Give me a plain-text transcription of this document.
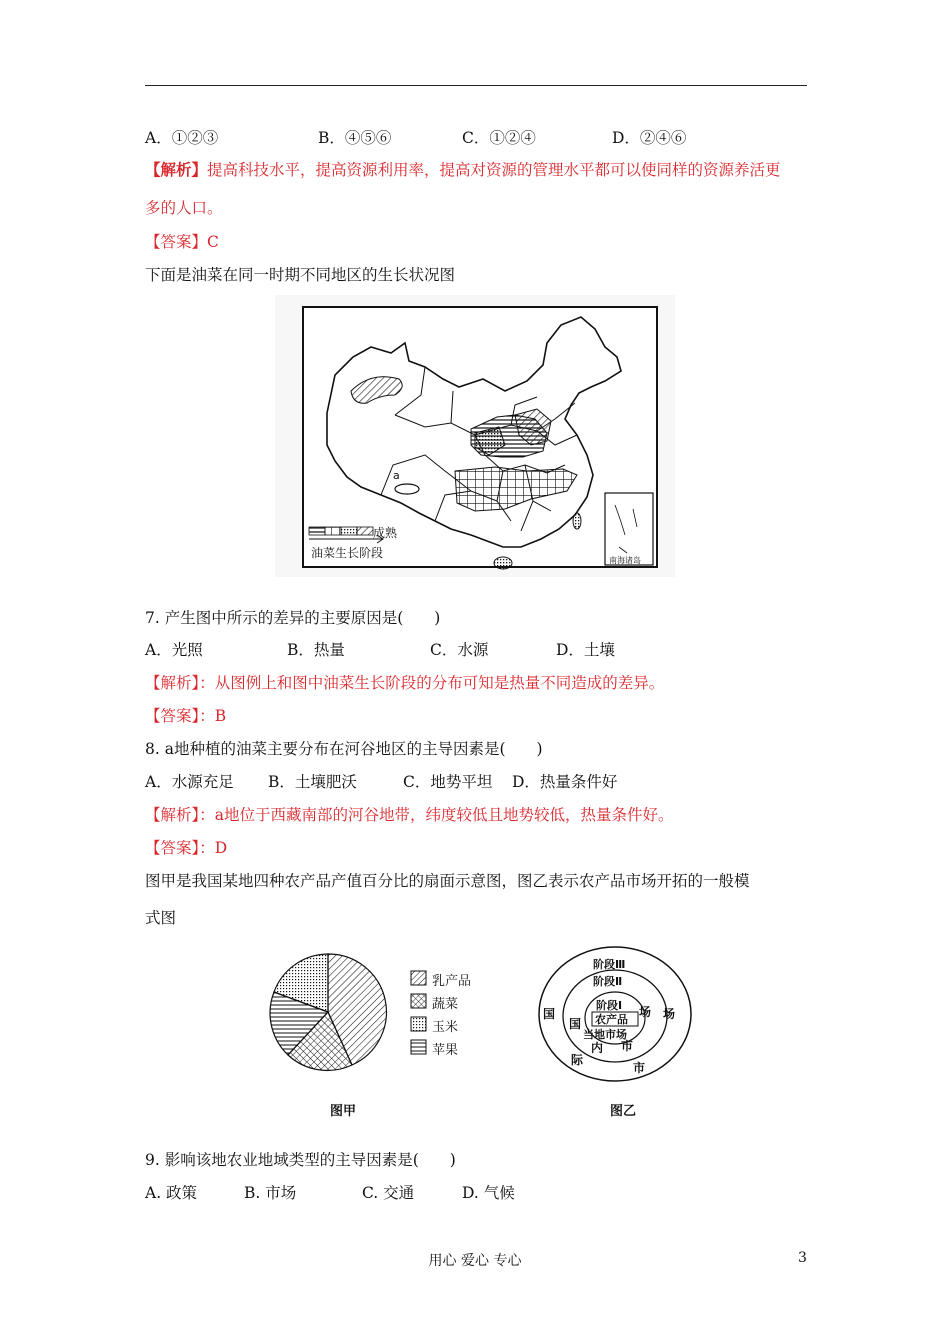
A．①②③	B．④⑤⑥	C．①②④	D．②④⑥
【解析】提高科技水平，提高资源利用率，提高对资源的管理水平都可以使同样的资源养活更
多的人口。
【答案】C
下面是油菜在同一时期不同地区的生长状况图
a
成熟
油菜生长阶段
南海诸岛
7. 产生图中所示的差异的主要原因是(　　)
A．光照	B．热量	C．水源	D．土壤
【解析】：从图例上和图中油菜生长阶段的分布可知是热量不同造成的差异。
【答案】：B
8. a地种植的油菜主要分布在河谷地区的主导因素是(　　)
A．水源充足 B．土壤肥沃	C．地势平坦 D．热量条件好
【解析】：a地位于西藏南部的河谷地带，纬度较低且地势较低，热量条件好。
【答案】：D
图甲是我国某地四种农产品产值百分比的扇面示意图，图乙表示农产品市场开拓的一般模
式图
乳产品
蔬菜
玉米
苹果
图甲
阶段Ⅲ
阶段Ⅱ
阶段Ⅰ
农产品
当地市场
国
际
市
场
国
内 市
场
图乙
9. 影响该地农业地域类型的主导因素是(　　)
A. 政策	B. 市场	C. 交通	D. 气候
用心 爱心 专心	3
